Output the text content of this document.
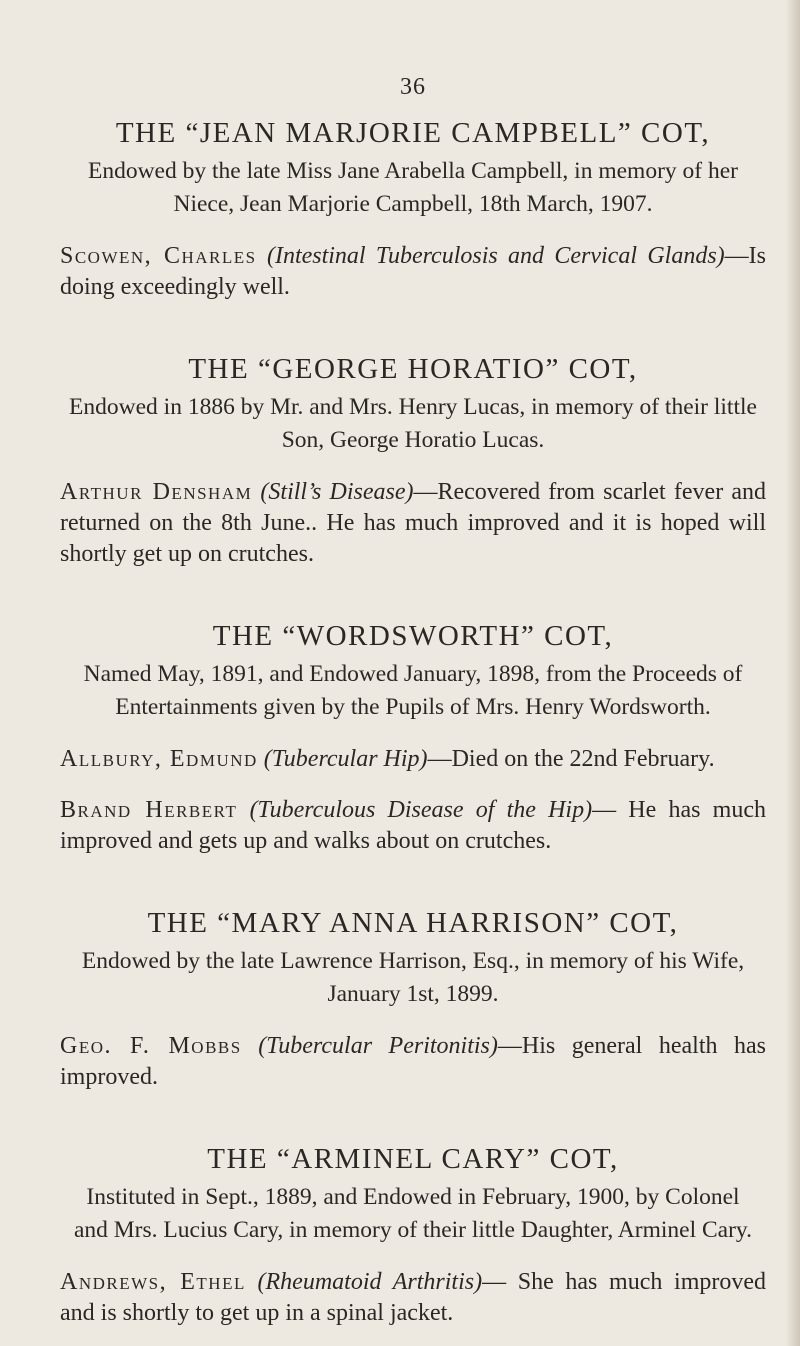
36
THE “JEAN MARJORIE CAMPBELL” COT,
Endowed by the late Miss Jane Arabella Campbell, in memory of her Niece, Jean Marjorie Campbell, 18th March, 1907.

Scowen, Charles (Intestinal Tuberculosis and Cervical Glands)—Is doing exceedingly well.

THE “GEORGE HORATIO” COT,
Endowed in 1886 by Mr. and Mrs. Henry Lucas, in memory of their little Son, George Horatio Lucas.

Arthur Densham (Still’s Disease)—Recovered from scarlet fever and returned on the 8th June.. He has much improved and it is hoped will shortly get up on crutches.

THE “WORDSWORTH” COT,
Named May, 1891, and Endowed January, 1898, from the Proceeds of Entertainments given by the Pupils of Mrs. Henry Wordsworth.

Allbury, Edmund (Tubercular Hip)—Died on the 22nd February.

Brand Herbert (Tuberculous Disease of the Hip)— He has much improved and gets up and walks about on crutches.

THE “MARY ANNA HARRISON” COT,
Endowed by the late Lawrence Harrison, Esq., in memory of his Wife, January 1st, 1899.

Geo. F. Mobbs (Tubercular Peritonitis)—His general health has improved.

THE “ARMINEL CARY” COT,
Instituted in Sept., 1889, and Endowed in February, 1900, by Colonel and Mrs. Lucius Cary, in memory of their little Daughter, Arminel Cary.

Andrews, Ethel (Rheumatoid Arthritis)— She has much improved and is shortly to get up in a spinal jacket.
